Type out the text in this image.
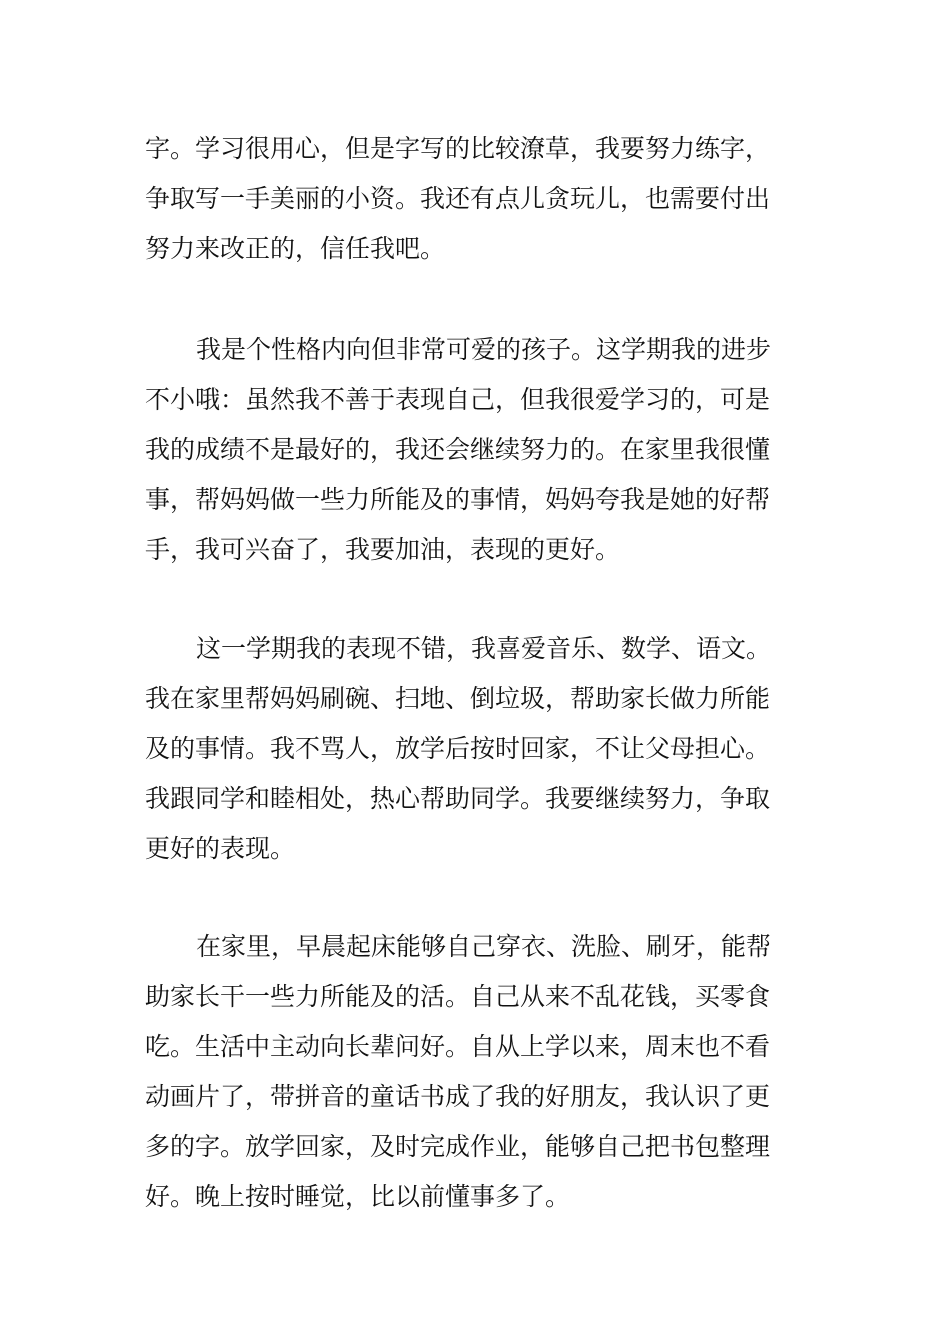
字。学习很用心，但是字写的比较潦草，我要努力练字，
争取写一手美丽的小资。我还有点儿贪玩儿，也需要付出
努力来改正的，信任我吧。
我是个性格内向但非常可爱的孩子。这学期我的进步
不小哦：虽然我不善于表现自己，但我很爱学习的，可是
我的成绩不是最好的，我还会继续努力的。在家里我很懂
事，帮妈妈做一些力所能及的事情，妈妈夸我是她的好帮
手，我可兴奋了，我要加油，表现的更好。
这一学期我的表现不错，我喜爱音乐、数学、语文。
我在家里帮妈妈刷碗、扫地、倒垃圾，帮助家长做力所能
及的事情。我不骂人，放学后按时回家，不让父母担心。
我跟同学和睦相处，热心帮助同学。我要继续努力，争取
更好的表现。
在家里，早晨起床能够自己穿衣、洗脸、刷牙，能帮
助家长干一些力所能及的活。自己从来不乱花钱，买零食
吃。生活中主动向长辈问好。自从上学以来，周末也不看
动画片了，带拼音的童话书成了我的好朋友，我认识了更
多的字。放学回家，及时完成作业，能够自己把书包整理
好。晚上按时睡觉，比以前懂事多了。
